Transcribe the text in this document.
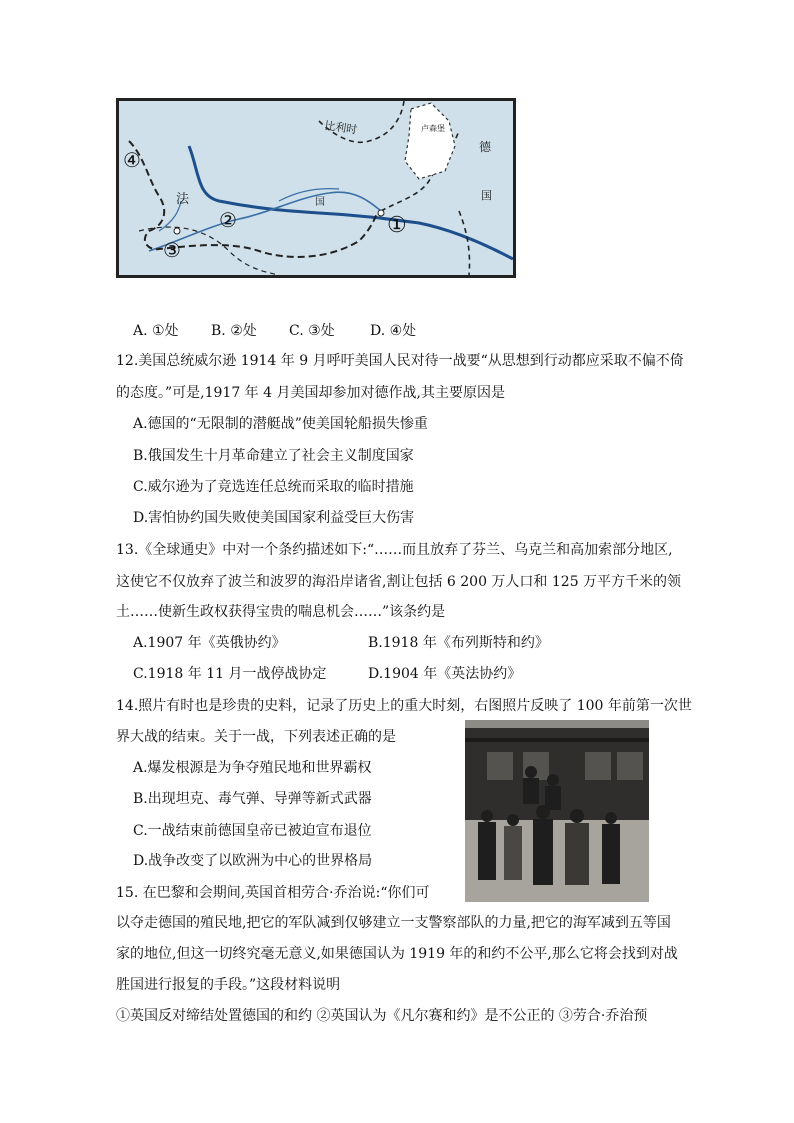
比利时
法	国
德
国
卢森堡
①
②
③
④
A. ①处 B. ②处 C. ③处	D. ④处
12.美国总统威尔逊 1914 年 9 月呼吁美国人民对待一战要“从思想到行动都应采取不偏不倚
的态度。”可是,1917 年 4 月美国却参加对德作战,其主要原因是
A.德国的“无限制的潜艇战”使美国轮船损失惨重
B.俄国发生十月革命建立了社会主义制度国家
C.威尔逊为了竞选连任总统而采取的临时措施
D.害怕协约国失败使美国国家利益受巨大伤害
13.《全球通史》中对一个条约描述如下:“……而且放弃了芬兰、乌克兰和高加索部分地区,
这使它不仅放弃了波兰和波罗的海沿岸诸省,割让包括 6 200 万人口和 125 万平方千米的领
土……使新生政权获得宝贵的喘息机会……”该条约是
A.1907 年《英俄协约》	B.1918 年《布列斯特和约》
C.1918 年 11 月一战停战协定	D.1904 年《英法协约》
14.照片有时也是珍贵的史料，记录了历史上的重大时刻，右图照片反映了 100 年前第一次世
界大战的结束。关于一战，下列表述正确的是
A.爆发根源是为争夺殖民地和世界霸权
B.出现坦克、毒气弹、导弹等新式武器
C.一战结束前德国皇帝已被迫宣布退位
D.战争改变了以欧洲为中心的世界格局
15. 在巴黎和会期间,英国首相劳合·乔治说:“你们可
以夺走德国的殖民地,把它的军队减到仅够建立一支警察部队的力量,把它的海军减到五等国
家的地位,但这一切终究毫无意义,如果德国认为 1919 年的和约不公平,那么它将会找到对战
胜国进行报复的手段。”这段材料说明
①英国反对缔结处置德国的和约 ②英国认为《凡尔赛和约》是不公正的 ③劳合·乔治预
